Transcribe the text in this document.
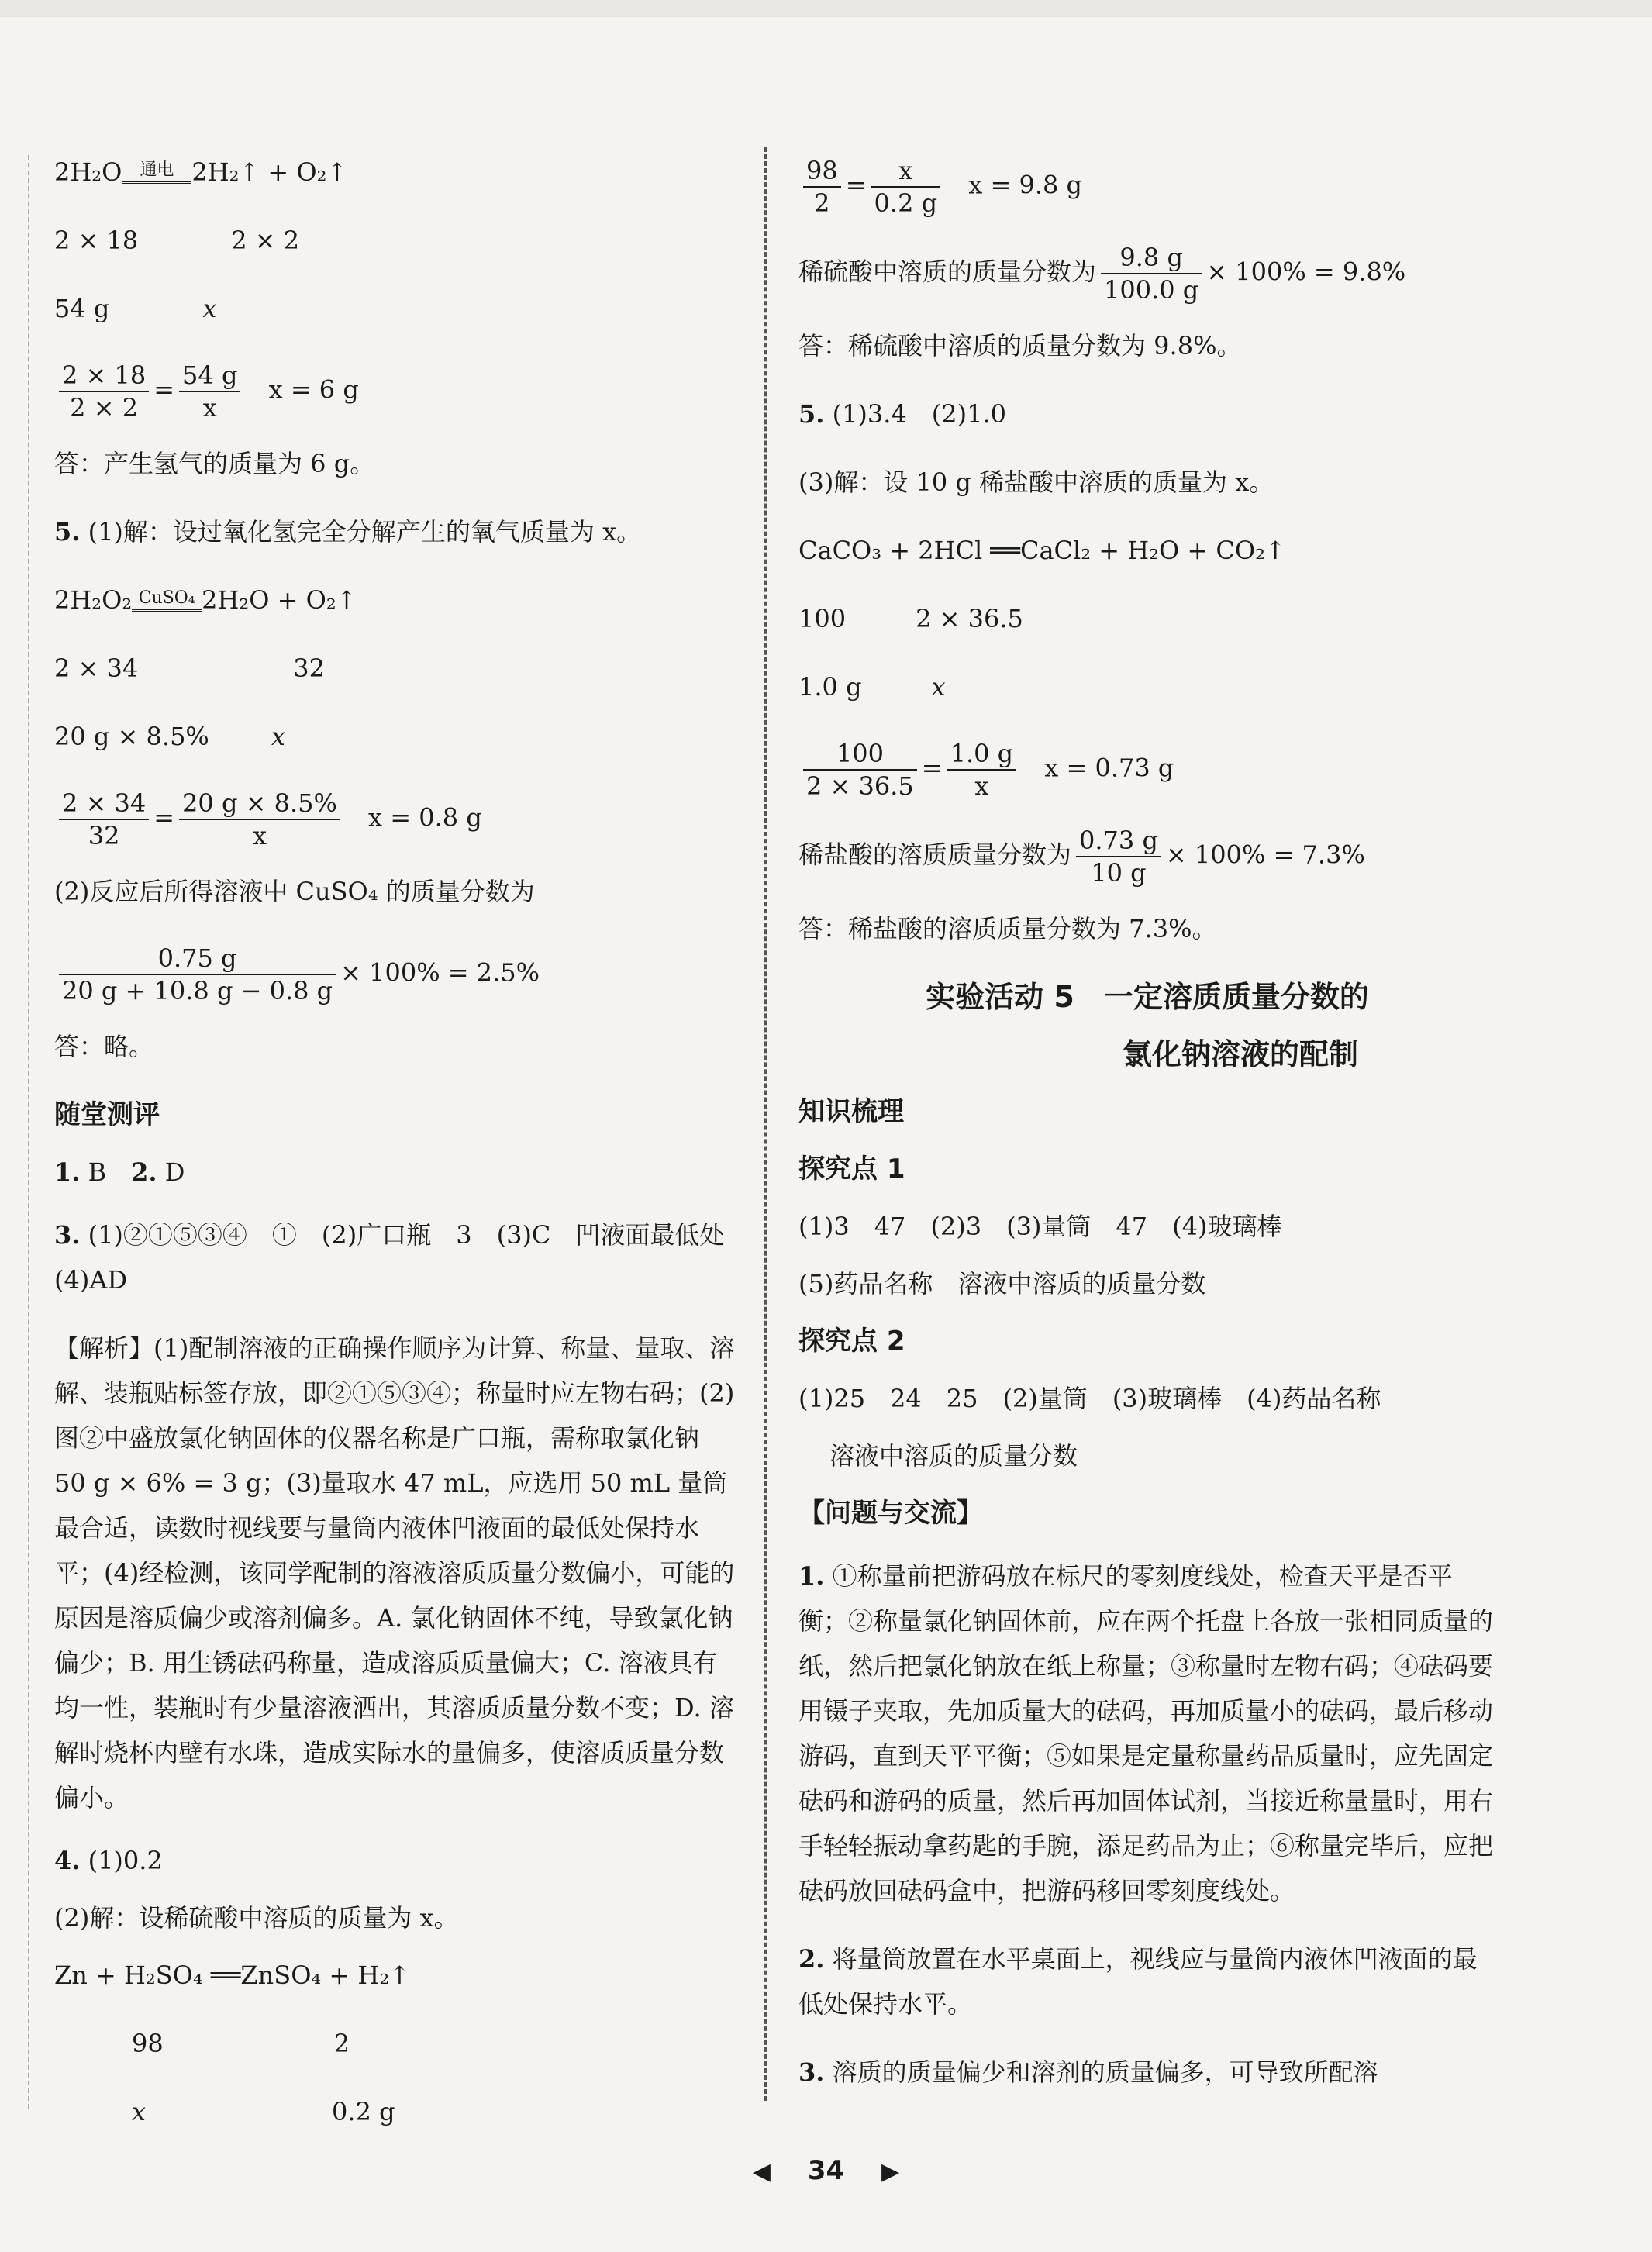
2H₂O	通电 2H₂↑ + O₂↑
2 × 18	2 × 2
54 g	x
$\frac{2 \times 18}{2 \times 2} = \frac{54 g}{x}$ x = 6 g
答：产生氢气的质量为 6 g。
5. (1)解：设过氧化氢完全分解产生的氧气质量为 x。
2H₂O₂ CuSO₄ 2H₂O + O₂↑
2 × 34	32
20 g × 8.5%	x
$\frac{2 \times 34}{32} = \frac{20 g \times 8.5\%}{x}$ x = 0.8 g
(2)反应后所得溶液中 CuSO₄ 的质量分数为
$\frac{0.75 g}{20 g + 10.8 g - 0.8 g} \times 100\% = 2.5\%$
答：略。
随堂测评
1. B　 2. D
3. (1)②①⑤③④　①　(2)广口瓶　3　(3)C　凹液面最低处　(4)AD
【解析】(1)配制溶液的正确操作顺序为计算、称量、量取、溶解、装瓶贴标签存放，即②①⑤③④；称量时应左物右码；(2)图②中盛放氯化钠固体的仪器名称是广口瓶，需称取氯化钠 50 g × 6% = 3 g；(3)量取水 47 mL，应选用 50 mL 量筒最合适，读数时视线要与量筒内液体凹液面的最低处保持水平；(4)经检测，该同学配制的溶液溶质质量分数偏小，可能的原因是溶质偏少或溶剂偏多。A. 氯化钠固体不纯，导致氯化钠偏少；B. 用生锈砝码称量，造成溶质质量偏大；C. 溶液具有均一性，装瓶时有少量溶液洒出，其溶质质量分数不变；D. 溶解时烧杯内壁有水珠，造成实际水的量偏多，使溶质质量分数偏小。
4. (1)0.2
(2)解：设稀硫酸中溶质的质量为 x。
Zn + H₂SO₄ ══ZnSO₄ + H₂↑
98	2
x	0.2 g
$\frac{98}{2} = \frac{x}{0.2 g}$ x = 9.8 g
稀硫酸中溶质的质量分数为 $\frac{9.8 g}{100.0 g} \times 100\% = 9.8\%$
答：稀硫酸中溶质的质量分数为 9.8%。
5. (1)3.4　(2)1.0
(3)解：设 10 g 稀盐酸中溶质的质量为 x。
CaCO₃ + 2HCl ══CaCl₂ + H₂O + CO₂↑
100	2 × 36.5
1.0 g	x
$\frac{100}{2 \times 36.5} = \frac{1.0 g}{x}$ x = 0.73 g
稀盐酸的溶质质量分数为 $\frac{0.73 g}{10 g} \times 100\% = 7.3\%$
答：稀盐酸的溶质质量分数为 7.3%。
实验活动 5　一定溶质质量分数的
氯化钠溶液的配制
知识梳理
探究点 1
(1)3　47　(2)3　(3)量筒　47　(4)玻璃棒
(5)药品名称　溶液中溶质的质量分数
探究点 2
(1)25　24　25　(2)量筒　(3)玻璃棒　(4)药品名称
溶液中溶质的质量分数
【问题与交流】
1. ①称量前把游码放在标尺的零刻度线处，检查天平是否平衡；②称量氯化钠固体前，应在两个托盘上各放一张相同质量的纸，然后把氯化钠放在纸上称量；③称量时左物右码；④砝码要用镊子夹取，先加质量大的砝码，再加质量小的砝码，最后移动游码，直到天平平衡；⑤如果是定量称量药品质量时，应先固定砝码和游码的质量，然后再加固体试剂，当接近称量量时，用右手轻轻振动拿药匙的手腕，添足药品为止；⑥称量完毕后，应把砝码放回砝码盒中，把游码移回零刻度线处。
2. 将量筒放置在水平桌面上，视线应与量筒内液体凹液面的最低处保持水平。
3. 溶质的质量偏少和溶剂的质量偏多，可导致所配溶
◀ 34 ▶
